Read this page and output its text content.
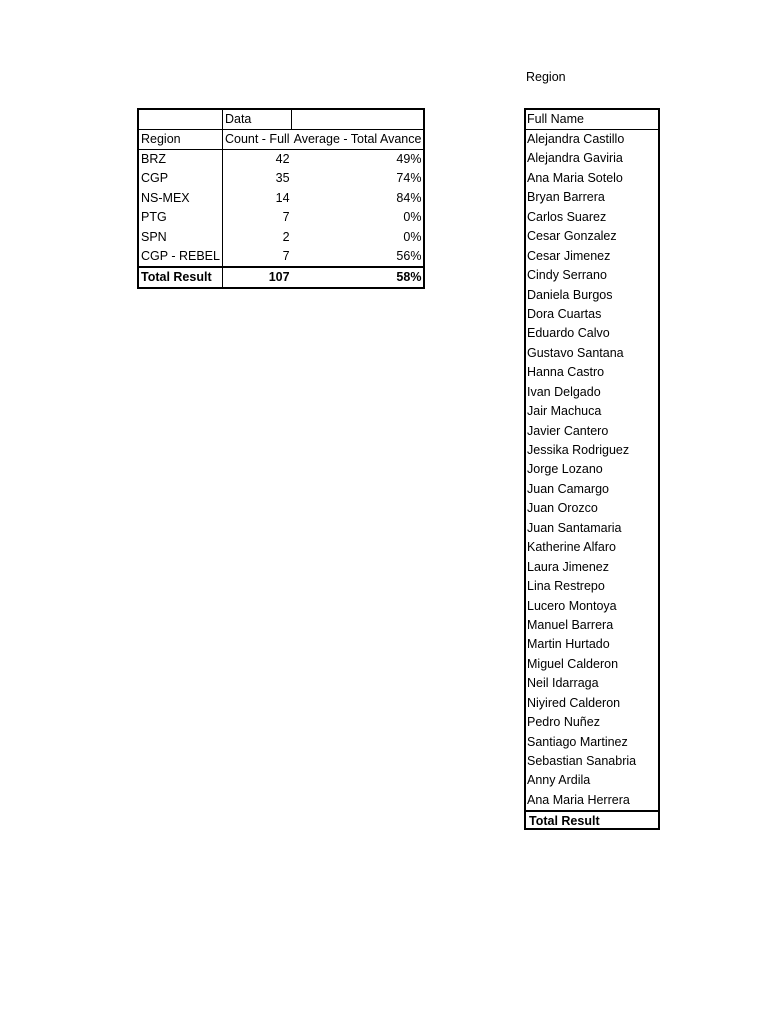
	Data	
Region	Count - Full	Average - Total Avance
BRZ	42	49%
CGP	35	74%
NS-MEX	14	84%
PTG	7	0%
SPN	2	0%
CGP - REBEL	7	56%
Total Result	107	58%
Region
Full Name
Alejandra Castillo
Alejandra Gaviria
Ana Maria Sotelo
Bryan Barrera
Carlos Suarez
Cesar Gonzalez
Cesar Jimenez
Cindy Serrano
Daniela Burgos
Dora Cuartas
Eduardo Calvo
Gustavo Santana
Hanna Castro
Ivan Delgado
Jair Machuca
Javier Cantero
Jessika Rodriguez
Jorge Lozano
Juan Camargo
Juan Orozco
Juan Santamaria
Katherine Alfaro
Laura Jimenez
Lina Restrepo
Lucero Montoya
Manuel Barrera
Martin Hurtado
Miguel Calderon
Neil Idarraga
Niyired Calderon
Pedro Nuñez
Santiago Martinez
Sebastian Sanabria
Anny Ardila
Ana Maria Herrera
Total Result
